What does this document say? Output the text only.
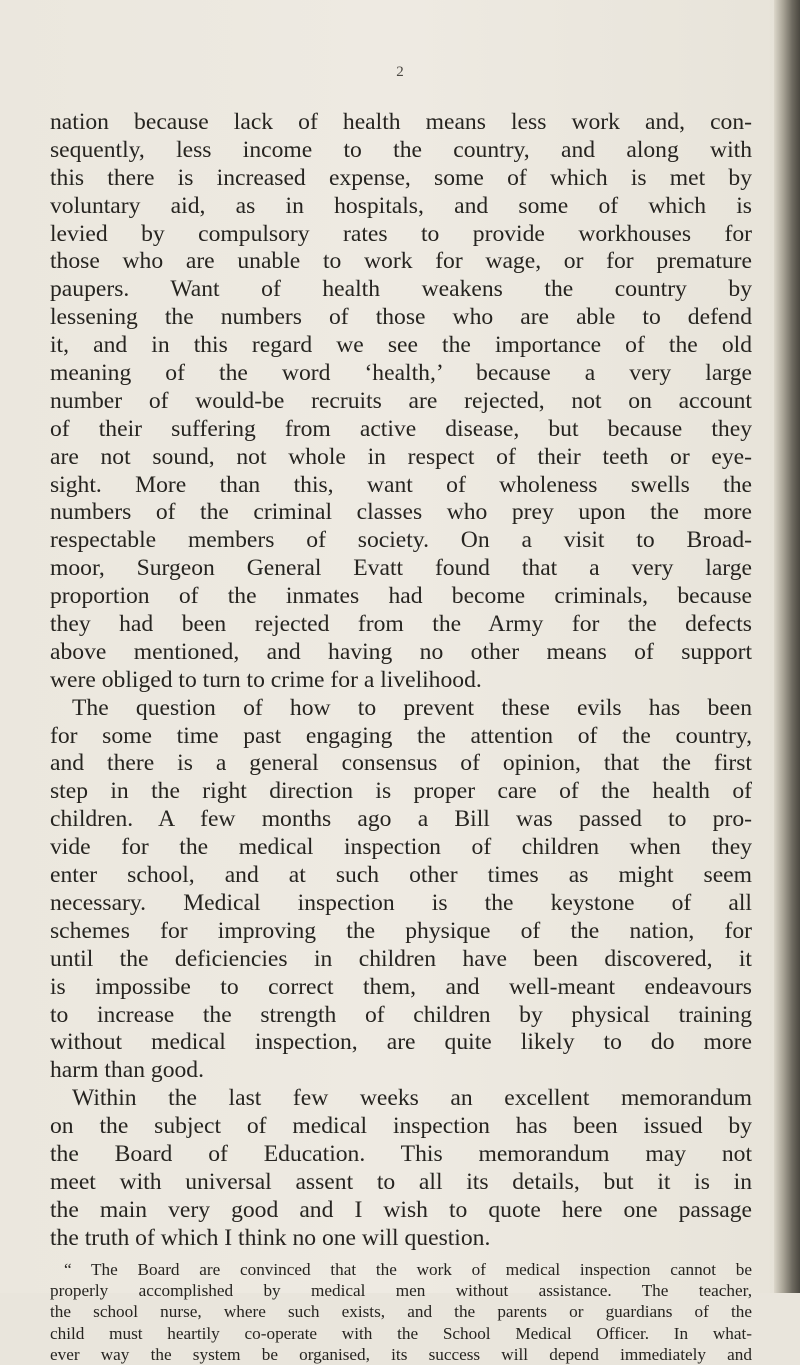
2
nation because lack of health means less work and, con-
sequently, less income to the country, and along with
this there is increased expense, some of which is met by
voluntary aid, as in hospitals, and some of which is
levied by compulsory rates to provide workhouses for
those who are unable to work for wage, or for premature
paupers. Want of health weakens the country by
lessening the numbers of those who are able to defend
it, and in this regard we see the importance of the old
meaning of the word ‘health,’ because a very large
number of would-be recruits are rejected, not on account
of their suffering from active disease, but because they
are not sound, not whole in respect of their teeth or eye-
sight. More than this, want of wholeness swells the
numbers of the criminal classes who prey upon the more
respectable members of society. On a visit to Broad-
moor, Surgeon General Evatt found that a very large
proportion of the inmates had become criminals, because
they had been rejected from the Army for the defects
above mentioned, and having no other means of support
were obliged to turn to crime for a livelihood.
The question of how to prevent these evils has been
for some time past engaging the attention of the country,
and there is a general consensus of opinion, that the first
step in the right direction is proper care of the health of
children. A few months ago a Bill was passed to pro-
vide for the medical inspection of children when they
enter school, and at such other times as might seem
necessary. Medical inspection is the keystone of all
schemes for improving the physique of the nation, for
until the deficiencies in children have been discovered, it
is impossibe to correct them, and well-meant endeavours
to increase the strength of children by physical training
without medical inspection, are quite likely to do more
harm than good.
Within the last few weeks an excellent memorandum
on the subject of medical inspection has been issued by
the Board of Education. This memorandum may not
meet with universal assent to all its details, but it is in
the main very good and I wish to quote here one passage
the truth of which I think no one will question.
“ The Board are convinced that the work of medical inspection cannot be
properly accomplished by medical men without assistance. The teacher,
the school nurse, where such exists, and the parents or guardians of the
child must heartily co-operate with the School Medical Officer. In what-
ever way the system be organised, its success will depend immediately and
